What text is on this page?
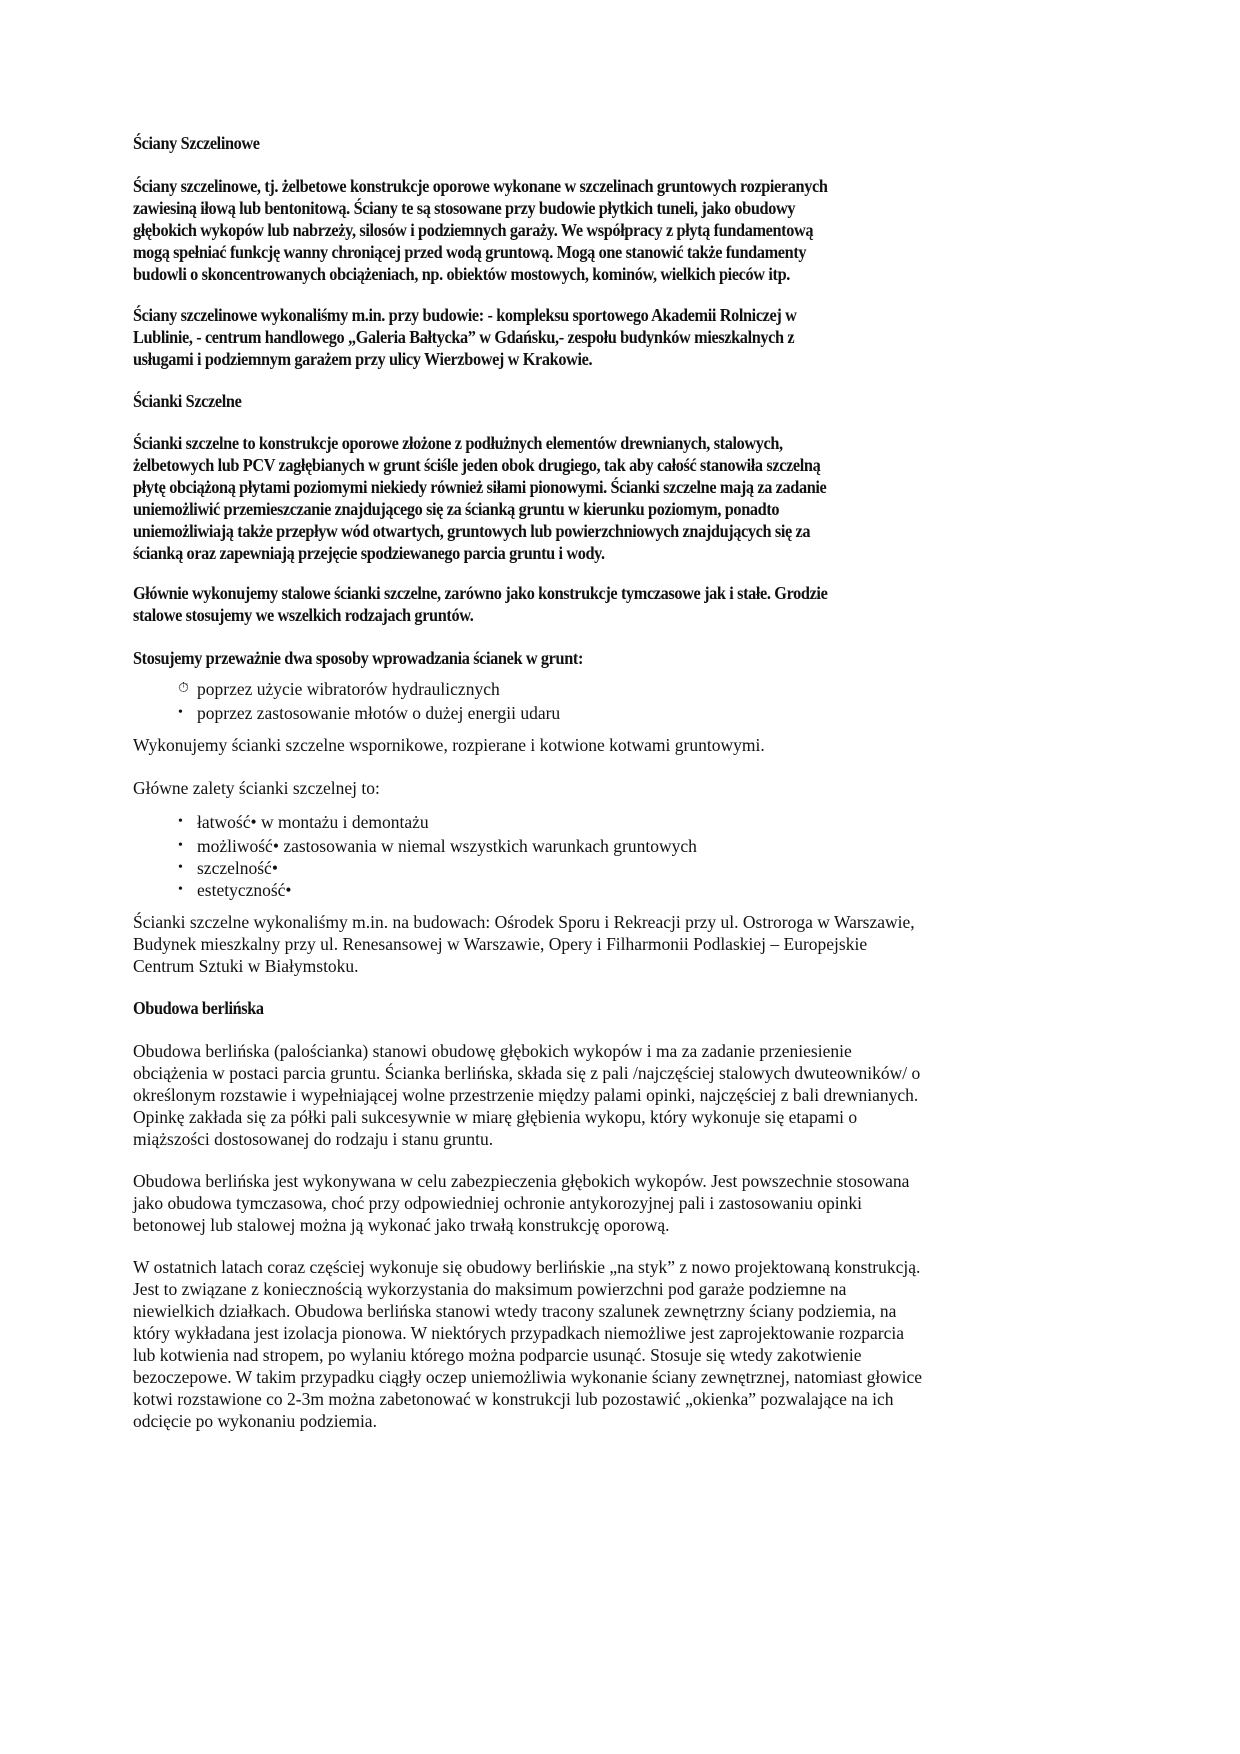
Ściany Szczelinowe
Ściany szczelinowe, tj. żelbetowe konstrukcje oporowe wykonane w szczelinach gruntowych rozpieranych
zawiesiną iłową lub bentonitową. Ściany te są stosowane przy budowie płytkich tuneli, jako obudowy
głębokich wykopów lub nabrzeży, silosów i podziemnych garaży. We współpracy z płytą fundamentową
mogą spełniać funkcję wanny chroniącej przed wodą gruntową. Mogą one stanowić także fundamenty
budowli o skoncentrowanych obciążeniach, np. obiektów mostowych, kominów, wielkich pieców itp.
Ściany szczelinowe wykonaliśmy m.in. przy budowie: - kompleksu sportowego Akademii Rolniczej w
Lublinie, - centrum handlowego „Galeria Bałtycka” w Gdańsku,- zespołu budynków mieszkalnych z
usługami i podziemnym garażem przy ulicy Wierzbowej w Krakowie.
Ścianki Szczelne
Ścianki szczelne to konstrukcje oporowe złożone z podłużnych elementów drewnianych, stalowych,
żelbetowych lub PCV zagłębianych w grunt ściśle jeden obok drugiego, tak aby całość stanowiła szczelną
płytę obciążoną płytami poziomymi niekiedy również siłami pionowymi. Ścianki szczelne mają za zadanie
uniemożliwić przemieszczanie znajdującego się za ścianką gruntu w kierunku poziomym, ponadto
uniemożliwiają także przepływ wód otwartych, gruntowych lub powierzchniowych znajdujących się za
ścianką oraz zapewniają przejęcie spodziewanego parcia gruntu i wody.
Głównie wykonujemy stalowe ścianki szczelne, zarówno jako konstrukcje tymczasowe jak i stałe. Grodzie
stalowe stosujemy we wszelkich rodzajach gruntów.
Stosujemy przeważnie dwa sposoby wprowadzania ścianek w grunt:
⏱ poprzez użycie wibratorów hydraulicznych
• poprzez zastosowanie młotów o dużej energii udaru
Wykonujemy ścianki szczelne wspornikowe, rozpierane i kotwione kotwami gruntowymi.
Główne zalety ścianki szczelnej to:
• łatwość• w montażu i demontażu
• możliwość• zastosowania w niemal wszystkich warunkach gruntowych
• szczelność•
• estetyczność•
Ścianki szczelne wykonaliśmy m.in. na budowach: Ośrodek Sporu i Rekreacji przy ul. Ostroroga w Warszawie,
Budynek mieszkalny przy ul. Renesansowej w Warszawie, Opery i Filharmonii Podlaskiej – Europejskie
Centrum Sztuki w Białymstoku.
Obudowa berlińska
Obudowa berlińska (palościanka) stanowi obudowę głębokich wykopów i ma za zadanie przeniesienie
obciążenia w postaci parcia gruntu. Ścianka berlińska, składa się z pali /najczęściej stalowych dwuteowników/ o
określonym rozstawie i wypełniającej wolne przestrzenie między palami opinki, najczęściej z bali drewnianych.
Opinkę zakłada się za półki pali sukcesywnie w miarę głębienia wykopu, który wykonuje się etapami o
miąższości dostosowanej do rodzaju i stanu gruntu.
Obudowa berlińska jest wykonywana w celu zabezpieczenia głębokich wykopów. Jest powszechnie stosowana
jako obudowa tymczasowa, choć przy odpowiedniej ochronie antykorozyjnej pali i zastosowaniu opinki
betonowej lub stalowej można ją wykonać jako trwałą konstrukcję oporową.
W ostatnich latach coraz częściej wykonuje się obudowy berlińskie „na styk” z nowo projektowaną konstrukcją.
Jest to związane z koniecznością wykorzystania do maksimum powierzchni pod garaże podziemne na
niewielkich działkach. Obudowa berlińska stanowi wtedy tracony szalunek zewnętrzny ściany podziemia, na
który wykładana jest izolacja pionowa. W niektórych przypadkach niemożliwe jest zaprojektowanie rozparcia
lub kotwienia nad stropem, po wylaniu którego można podparcie usunąć. Stosuje się wtedy zakotwienie
bezoczepowe. W takim przypadku ciągły oczep uniemożliwia wykonanie ściany zewnętrznej, natomiast głowice
kotwi rozstawione co 2-3m można zabetonować w konstrukcji lub pozostawić „okienka” pozwalające na ich
odcięcie po wykonaniu podziemia.
